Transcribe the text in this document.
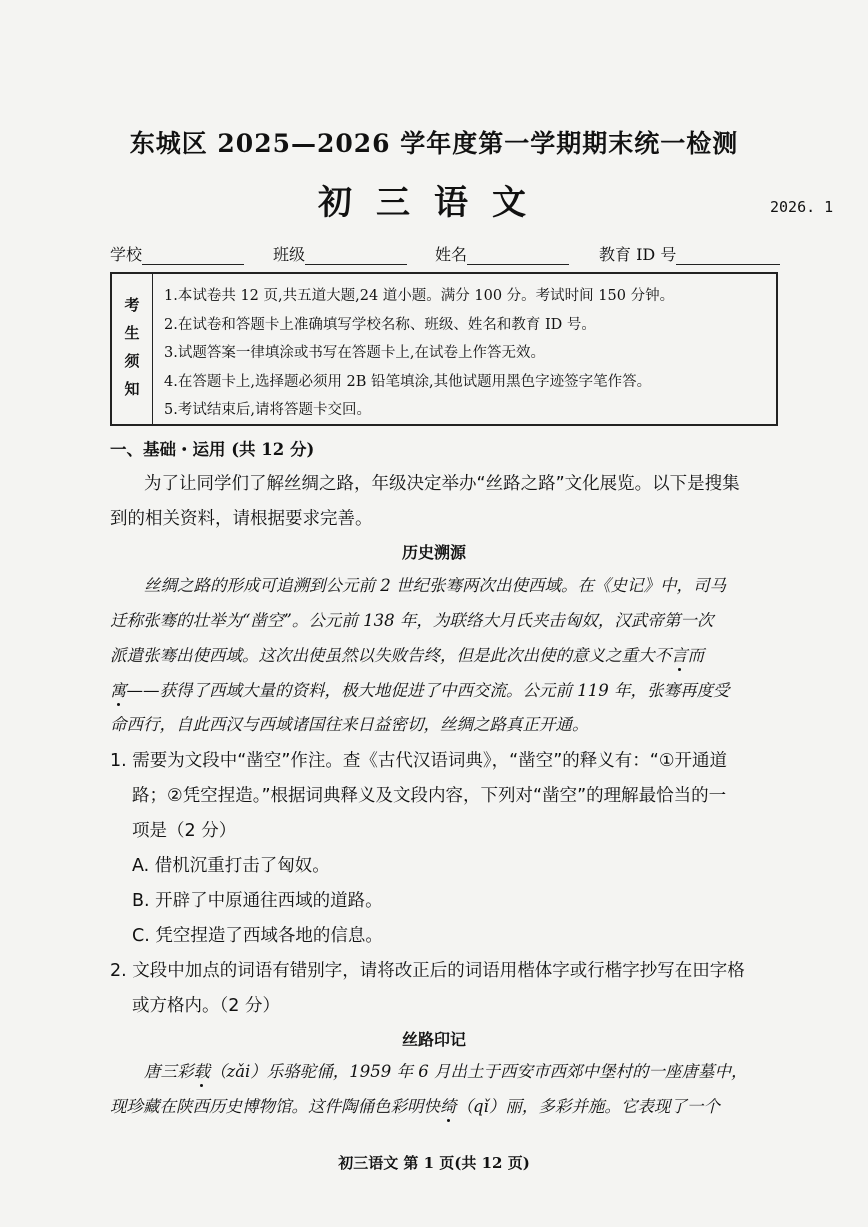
东城区 2025—2026 学年度第一学期期末统一检测
初三语文	2026. 1
学校	班级	姓名	教育 ID 号
考
生
须
知
1.本试卷共 12 页,共五道大题,24 道小题。满分 100 分。考试时间 150 分钟。
2.在试卷和答题卡上准确填写学校名称、班级、姓名和教育 ID 号。
3.试题答案一律填涂或书写在答题卡上,在试卷上作答无效。
4.在答题卡上,选择题必须用 2B 铅笔填涂,其他试题用黑色字迹签字笔作答。
5.考试结束后,请将答题卡交回。
一、基础・运用 (共 12 分)
为了让同学们了解丝绸之路，年级决定举办“丝路之路”文化展览。以下是搜集
到的相关资料，请根据要求完善。
历史溯源
丝绸之路的形成可追溯到公元前 2 世纪张骞两次出使西域。在《史记》中，司马
迁称张骞的壮举为“凿空”。公元前 138 年，为联络大月氏夹击匈奴，汉武帝第一次
派遣张骞出使西域。这次出使虽然以失败告终，但是此次出使的意义之重大不言而
寓——获得了西域大量的资料，极大地促进了中西交流。公元前 119 年，张骞再度受
命西行，自此西汉与西域诸国往来日益密切，丝绸之路真正开通。
1. 需要为文段中“凿空”作注。查《古代汉语词典》，“凿空”的释义有：“①开通道
路；②凭空捏造。”根据词典释义及文段内容，下列对“凿空”的理解最恰当的一
项是（2 分）
A. 借机沉重打击了匈奴。
B. 开辟了中原通往西域的道路。
C. 凭空捏造了西域各地的信息。
2. 文段中加点的词语有错别字，请将改正后的词语用楷体字或行楷字抄写在田字格
或方格内。（2 分）
丝路印记
唐三彩载（zǎi）乐骆驼俑，1959 年 6 月出土于西安市西郊中堡村的一座唐墓中，
现珍藏在陕西历史博物馆。这件陶俑色彩明快绮（qǐ）丽，多彩并施。它表现了一个
初三语文 第 1 页(共 12 页)
